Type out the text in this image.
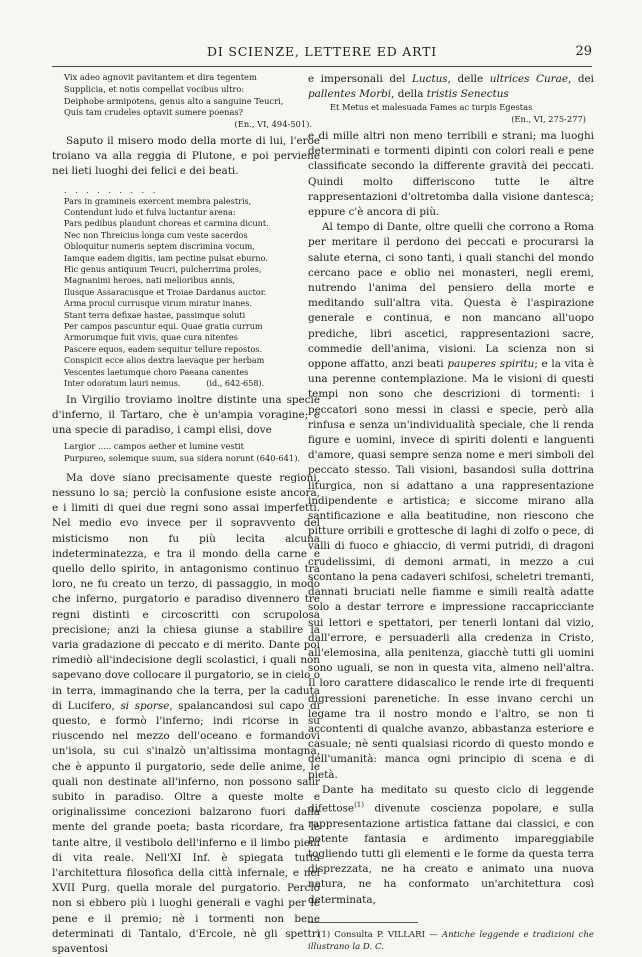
DI SCIENZE, LETTERE ED ARTI	29
Vix adeo agnovit pavitantem et dira tegentem
Supplicia, et notis compellat vocibus ultro:
Deiphobe armipotens, genus alto a sanguine Teucri,
Quis tam crudeles optavit sumere poenas?
(En., VI, 494-501).

Saputo il misero modo della morte di lui, l'eroe troiano va alla reggia di Plutone, e poi perviene nei lieti luoghi dei felici e dei beati.

. . . . . . . . .
Pars in gramineis exercent membra palestris,
Contendunt ludo et fulva luctantur arena:
Pars pedibus plaudunt choreas et carmina dicunt.
Nec non Threicius longa cum veste sacerdos
Obloquitur numeris septem discrimina vocum,
Iamque eadem digitis, iam pectine pulsat eburno.
Hic genus antiquum Teucri, pulcherrima proles,
Magnanimi heroes, nati melioribus annis,
Ilusque Assaracusque et Troiae Dardanus auctor.
Arma procul currusque virum miratur inanes.
Stant terra defixae hastae, passimque soluti
Per campos pascuntur equi. Quae gratia currum
Armorumque fuit vivis, quae cura nitentes
Pascere equos, eadem sequitur tellure repostos.
Conspicit ecce alios dextra laevaque per herbam
Vescentes laetumque choro Paeana canentes
Inter odoratum lauri nemus.          (id., 642-658).

In Virgilio troviamo inoltre distinte una specie d'inferno, il Tartaro, che è un'ampia voragine; e una specie di paradiso, i campi elisi, dove

Largior ..... campos aether et lumine vestit
Purpureo, solemque suum, sua sidera norunt (640-641).

Ma dove siano precisamente queste regioni, nessuno lo sa; perciò la confusione esiste ancora, e i limiti di quei due regni sono assai imperfetti. Nel medio evo invece per il sopravvento del misticismo non fu più lecita alcuna indeterminatezza, e tra il mondo della carne e quello dello spirito, in antagonismo continuo tra loro, ne fu creato un terzo, di passaggio, in modo che inferno, purgatorio e paradiso divennero tre regni distinti e circoscritti con scrupolosa precisione; anzi la chiesa giunse a stabilire la varia gradazione di peccato e di merito. Dante poi rimediò all'indecisione degli scolastici, i quali non sapevano dove collocare il purgatorio, se in cielo o in terra, immaginando che la terra, per la caduta di Lucifero, si sporse, spalancandosi sul capo di questo, e formò l'inferno; indi ricorse in su riuscendo nel mezzo dell'oceano e formandovi un'isola, su cui s'inalzò un'altissima montagna, che è appunto il purgatorio, sede delle anime, le quali non destinate all'inferno, non possono salir subito in paradiso. Oltre a queste molte e originalissime concezioni balzarono fuori dalla mente del grande poeta; basta ricordare, fra le tante altre, il vestibolo dell'inferno e il limbo pieni di vita reale. Nell'XI Inf. è spiegata tutta l'architettura filosofica della città infernale, e nel XVII Purg. quella morale del purgatorio. Perciò non si ebbero più i luoghi generali e vaghi per le pene e il premio; nè i tormenti non bene determinati di Tantalo, d'Ercole, nè gli spettri spaventosi

e impersonali del Luctus, delle ultrices Curae, dei pallentes Morbi, della tristis Senectus

Et Metus et malesuada Fames ac turpis Egestas
(En., VI, 275-277)

e di mille altri non meno terribili e strani; ma luoghi determinati e tormenti dipinti con colori reali e pene classificate secondo la differente gravità dei peccati. Quindi molto differiscono tutte le altre rappresentazioni d'oltretomba dalla visione dantesca; eppure c'è ancora di più.

Al tempo di Dante, oltre quelli che corrono a Roma per meritare il perdono dei peccati e procurarsi la salute eterna, ci sono tanti, i quali stanchi del mondo cercano pace e oblio nei monasteri, negli eremi, nutrendo l'anima del pensiero della morte e meditando sull'altra vita. Questa è l'aspirazione generale e continua, e non mancano all'uopo prediche, libri ascetici, rappresentazioni sacre, commedie dell'anima, visioni. La scienza non si oppone affatto, anzi beati pauperes spiritu; e la vita è una perenne contemplazione. Ma le visioni di questi tempi non sono che descrizioni di tormenti: i peccatori sono messi in classi e specie, però alla rinfusa e senza un'individualità speciale, che li renda figure e uomini, invece di spiriti dolenti e languenti d'amore, quasi sempre senza nome e meri simboli del peccato stesso. Tali visioni, basandosi sulla dottrina liturgica, non si adattano a una rappresentazione indipendente e artistica; e siccome mirano alla santificazione e alla beatitudine, non riescono che pitture orribili e grottesche di laghi di zolfo o pece, di valli di fuoco e ghiaccio, di vermi putridi, di dragoni crudelissimi, di demoni armati, in mezzo a cui scontano la pena cadaveri schifosi, scheletri tremanti, dannati bruciati nelle fiamme e simili realtà adatte solo a destar terrore e impressione raccapricciante sui lettori e spettatori, per tenerli lontani dal vizio, dall'errore, e persuaderli alla credenza in Cristo, all'elemosina, alla penitenza, giacchè tutti gli uomini sono uguali, se non in questa vita, almeno nell'altra. Il loro carattere didascalico le rende irte di frequenti digressioni parenetiche. In esse invano cerchi un legame tra il nostro mondo e l'altro, se non ti accontenti di qualche avanzo, abbastanza esteriore e casuale; nè senti qualsiasi ricordo di questo mondo e dell'umanità: manca ogni principio di scena e di pietà.

Dante ha meditato su questo ciclo di leggende difettose$^{(1)}$ divenute coscienza popolare, e sulla rappresentazione artistica fattane dai classici, e con potente fantasia e ardimento impareggiabile togliendo tutti gli elementi e le forme da questa terra disprezzata, ne ha creato e animato una nuova natura, ne ha conformato un'architettura così determinata,

(1) Consulta P. VILLARI — Antiche leggende e tradizioni che illustrano la D. C.
